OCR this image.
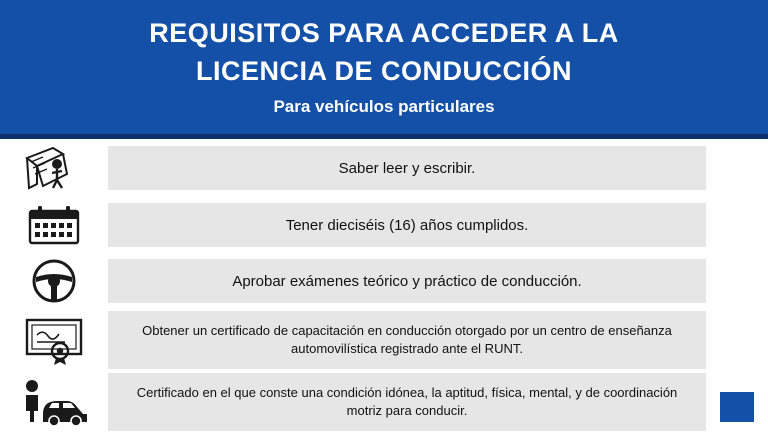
REQUISITOS PARA ACCEDER A LA
LICENCIA DE CONDUCCIÓN
Para vehículos particulares
Saber leer y escribir.
Tener dieciséis (16) años cumplidos.
Aprobar exámenes teórico y práctico de conducción.
Obtener un certificado de capacitación en conducción otorgado por un centro de enseñanza automovilística registrado ante el RUNT.
Certificado en el que conste una condición idónea, la aptitud, física, mental, y de coordinación motriz para conducir.
